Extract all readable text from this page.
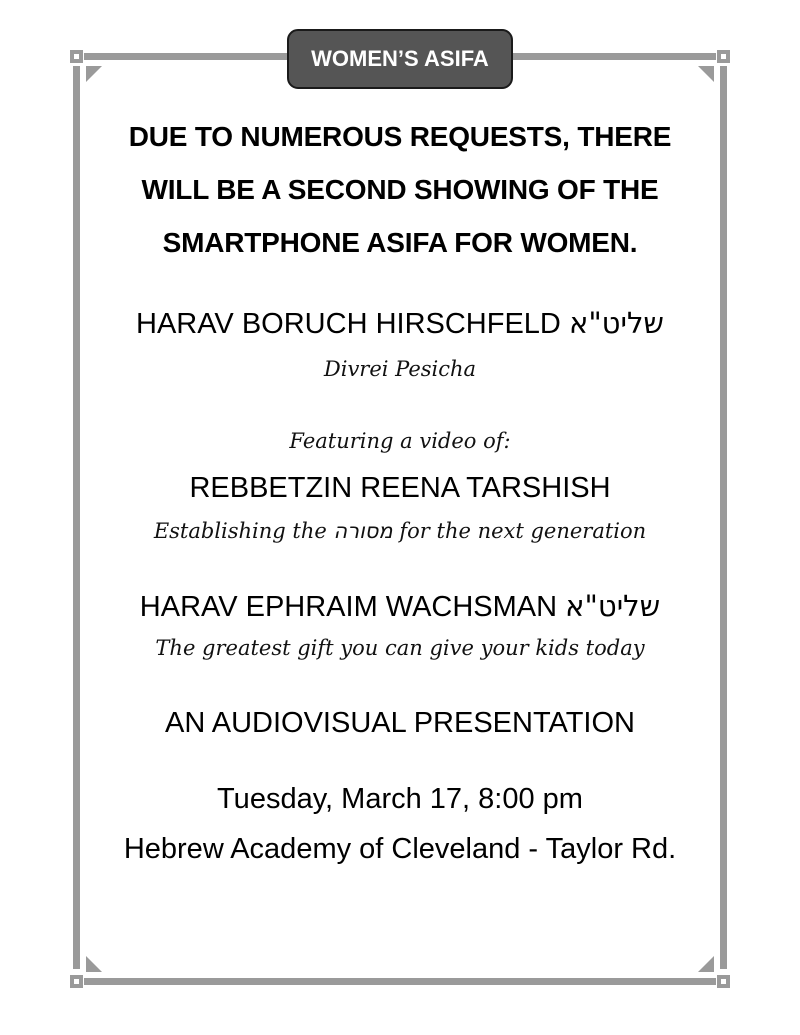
WOMEN’S ASIFA

DUE TO NUMEROUS REQUESTS, THERE

WILL BE A SECOND SHOWING OF THE

SMARTPHONE ASIFA FOR WOMEN.

HARAV BORUCH HIRSCHFELD שליט"א

Divrei Pesicha

Featuring a video of:

REBBETZIN REENA TARSHISH

Establishing the מסורה for the next generation

HARAV EPHRAIM WACHSMAN שליט"א

The greatest gift you can give your kids today

AN AUDIOVISUAL PRESENTATION

Tuesday, March 17, 8:00 pm

Hebrew Academy of Cleveland - Taylor Rd.
